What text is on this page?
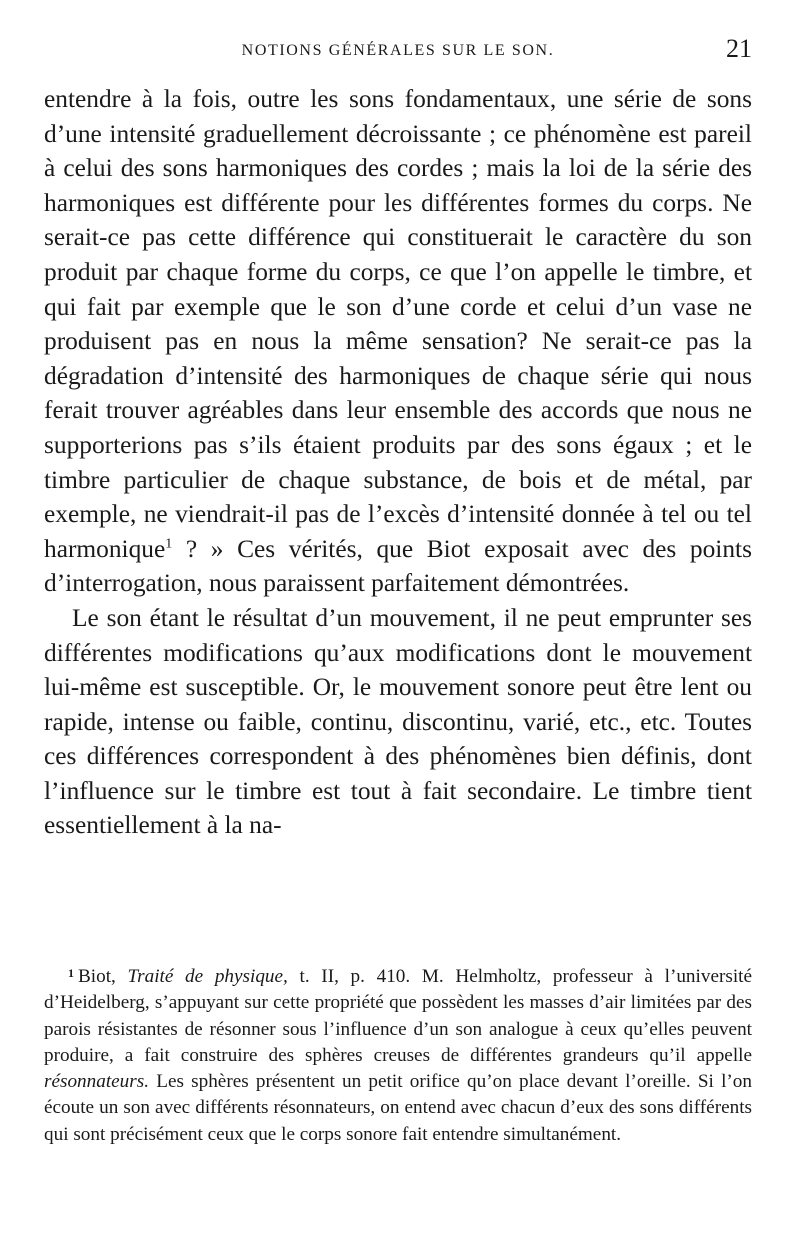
NOTIONS GÉNÉRALES SUR LE SON.	21

entendre à la fois, outre les sons fondamentaux, une série de sons d’une intensité graduellement décroissante ; ce phénomène est pareil à celui des sons harmoniques des cordes ; mais la loi de la série des harmoniques est différente pour les différentes formes du corps. Ne serait-ce pas cette différence qui constituerait le caractère du son produit par chaque forme du corps, ce que l’on appelle le timbre, et qui fait par exemple que le son d’une corde et celui d’un vase ne produisent pas en nous la même sensation? Ne serait-ce pas la dégradation d’intensité des harmoniques de chaque série qui nous ferait trouver agréables dans leur ensemble des accords que nous ne supporterions pas s’ils étaient produits par des sons égaux ; et le timbre particulier de chaque substance, de bois et de métal, par exemple, ne viendrait-il pas de l’excès d’intensité donnée à tel ou tel harmonique$^1$ ? » Ces vérités, que Biot exposait avec des points d’interrogation, nous paraissent parfaitement démontrées.

Le son étant le résultat d’un mouvement, il ne peut emprunter ses différentes modifications qu’aux modifications dont le mouvement lui-même est susceptible. Or, le mouvement sonore peut être lent ou rapide, intense ou faible, continu, discontinu, varié, etc., etc. Toutes ces différences correspondent à des phénomènes bien définis, dont l’influence sur le timbre est tout à fait secondaire. Le timbre tient essentiellement à la na-

$^1$ Biot, Traité de physique, t. II, p. 410. M. Helmholtz, professeur à l’université d’Heidelberg, s’appuyant sur cette propriété que possèdent les masses d’air limitées par des parois résistantes de résonner sous l’influence d’un son analogue à ceux qu’elles peuvent produire, a fait construire des sphères creuses de différentes grandeurs qu’il appelle résonnateurs. Les sphères présentent un petit orifice qu’on place devant l’oreille. Si l’on écoute un son avec différents résonnateurs, on entend avec chacun d’eux des sons différents qui sont précisément ceux que le corps sonore fait entendre simultanément.
